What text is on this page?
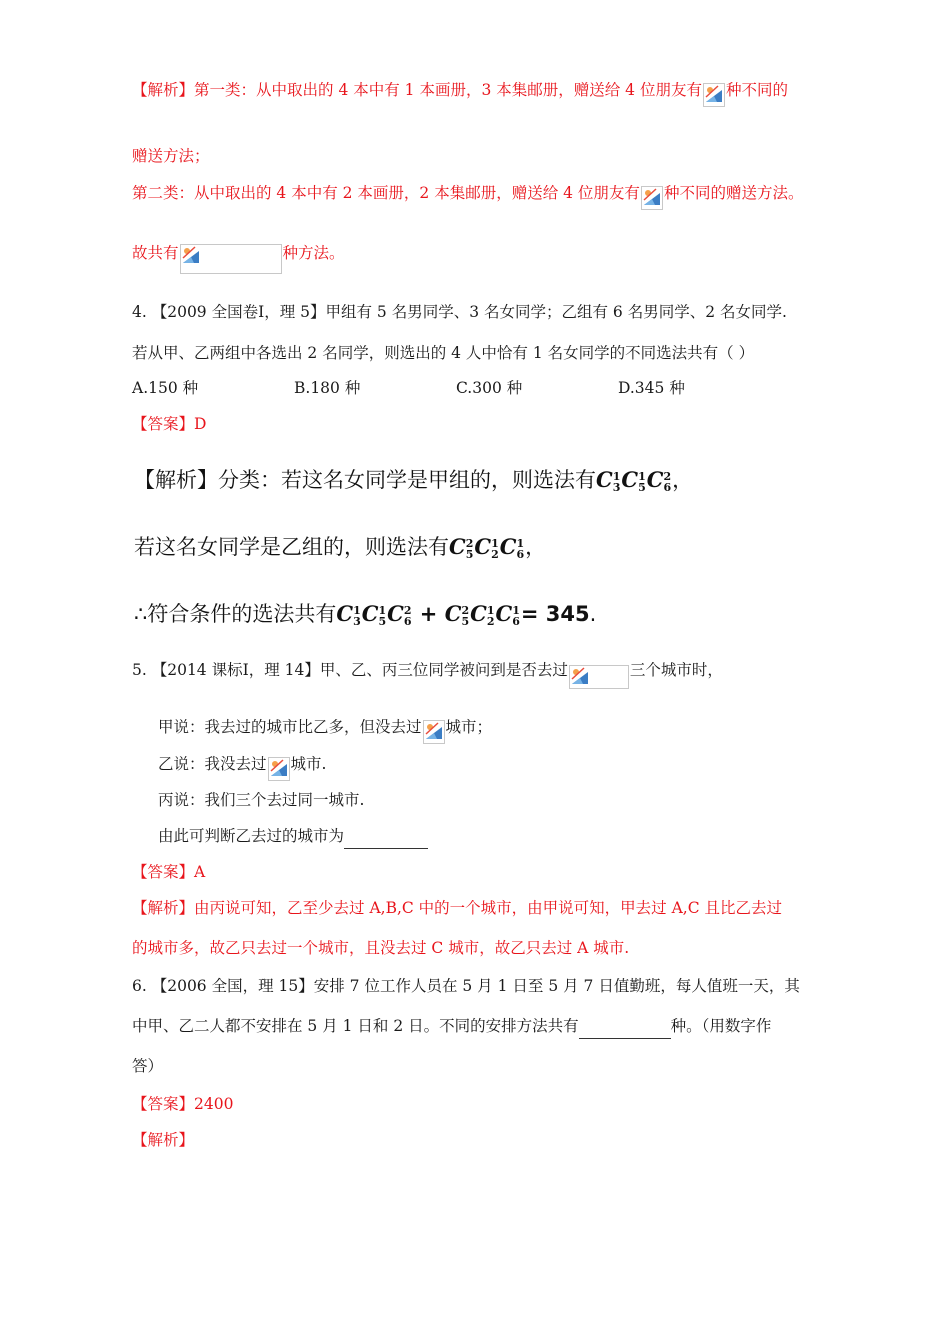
【解析】第一类：从中取出的 4 本中有 1 本画册，3 本集邮册，赠送给 4 位朋友有 种不同的
赠送方法；
第二类：从中取出的 4 本中有 2 本画册，2 本集邮册，赠送给 4 位朋友有 种不同的赠送方法。
故共有	种方法。
4. 【2009 全国卷Ⅰ，理 5】甲组有 5 名男同学、3 名女同学；乙组有 6 名男同学、2 名女同学.
若从甲、乙两组中各选出 2 名同学，则选出的 4 人中恰有 1 名女同学的不同选法共有（ ）
A.150 种	B.180 种	C.300 种	D.345 种
【答案】D
【解析】分类：若这名女同学是甲组的，则选法有C 1
3 C 1
5 C 2
6 ，
若这名女同学是乙组的，则选法有C 2
5 C 1
2 C 1
6 ，
∴符合条件的选法共有C 1
3 C 1
5 C 2
6 + C 2
5 C 1
2 C 1
6 = 345.
5. 【2014 课标Ⅰ，理 14】甲、乙、丙三位同学被问到是否去过	三个城市时，
甲说：我去过的城市比乙多，但没去过 城市；
乙说：我没去过 城市.
丙说：我们三个去过同一城市.
由此可判断乙去过的城市为
【答案】A
【解析】由丙说可知，乙至少去过 A,B,C 中的一个城市，由甲说可知，甲去过 A,C 且比乙去过
的城市多，故乙只去过一个城市，且没去过 C 城市，故乙只去过 A 城市.
6. 【2006 全国，理 15】安排 7 位工作人员在 5 月 1 日至 5 月 7 日值勤班，每人值班一天，其
中甲、乙二人都不安排在 5 月 1 日和 2 日。不同的安排方法共有	种。（用数字作
答）
【答案】2400
【解析】
